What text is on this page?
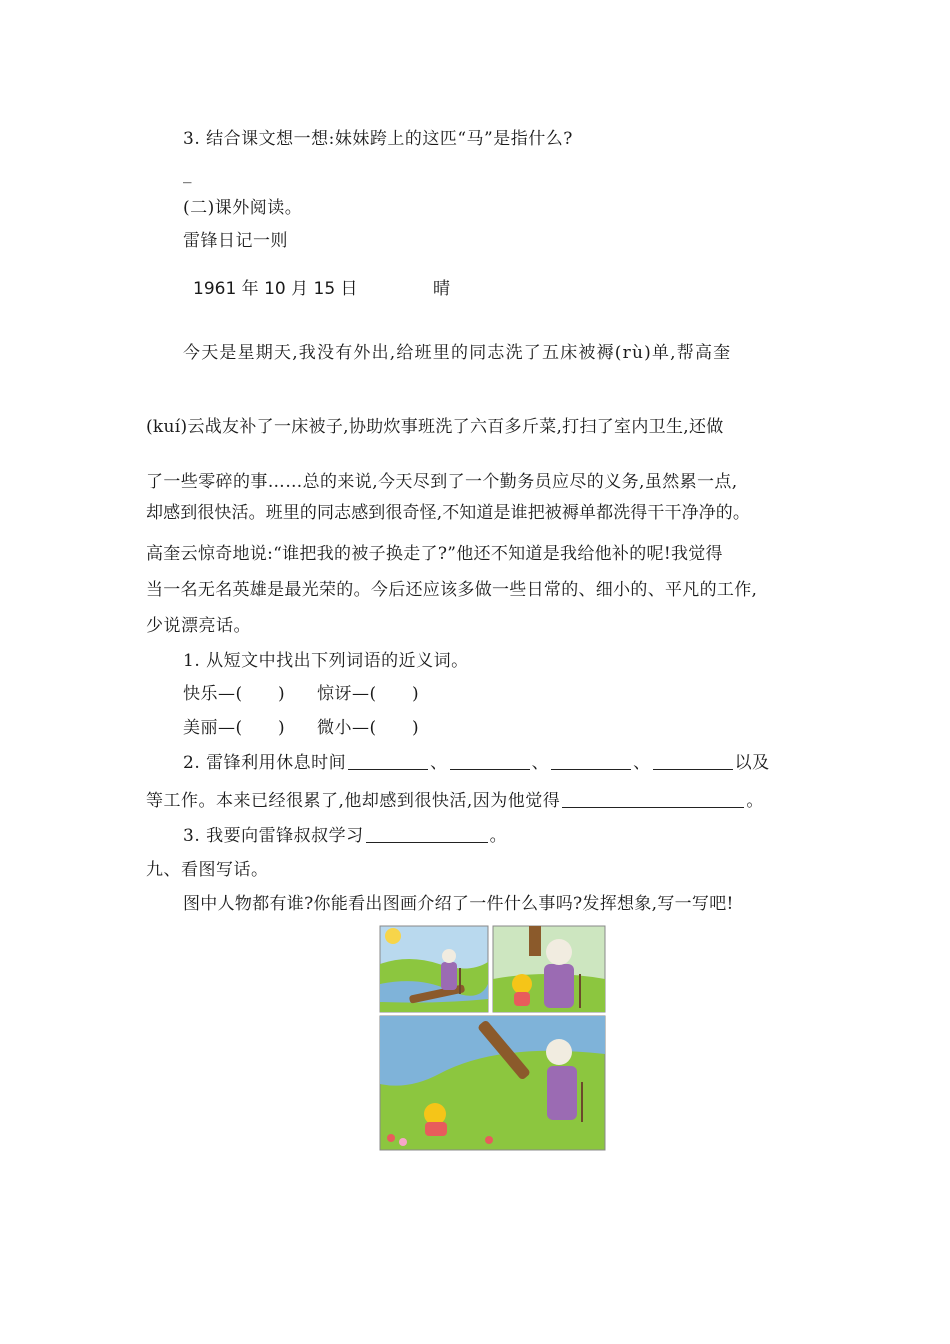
3. 结合课文想一想:妹妹跨上的这匹“马”是指什么?
_
(二)课外阅读。
雷锋日记一则
1961 年 10 月 15 日	晴
今天是星期天,我没有外出,给班里的同志洗了五床被褥(rù)单,帮高奎
(kuí)云战友补了一床被子,协助炊事班洗了六百多斤菜,打扫了室内卫生,还做
了一些零碎的事……总的来说,今天尽到了一个勤务员应尽的义务,虽然累一点,
却感到很快活。班里的同志感到很奇怪,不知道是谁把被褥单都洗得干干净净的。
高奎云惊奇地说:“谁把我的被子换走了?”他还不知道是我给他补的呢!我觉得
当一名无名英雄是最光荣的。今后还应该多做一些日常的、细小的、平凡的工作,
少说漂亮话。
1. 从短文中找出下列词语的近义词。
快乐—(      ) 惊讶—(      )
美丽—(      ) 微小—(      )
2. 雷锋利用休息时间	、	、	、	以及
等工作。本来已经很累了,他却感到很快活,因为他觉得	。
3. 我要向雷锋叔叔学习	。
九、看图写话。
图中人物都有谁?你能看出图画介绍了一件什么事吗?发挥想象,写一写吧!
